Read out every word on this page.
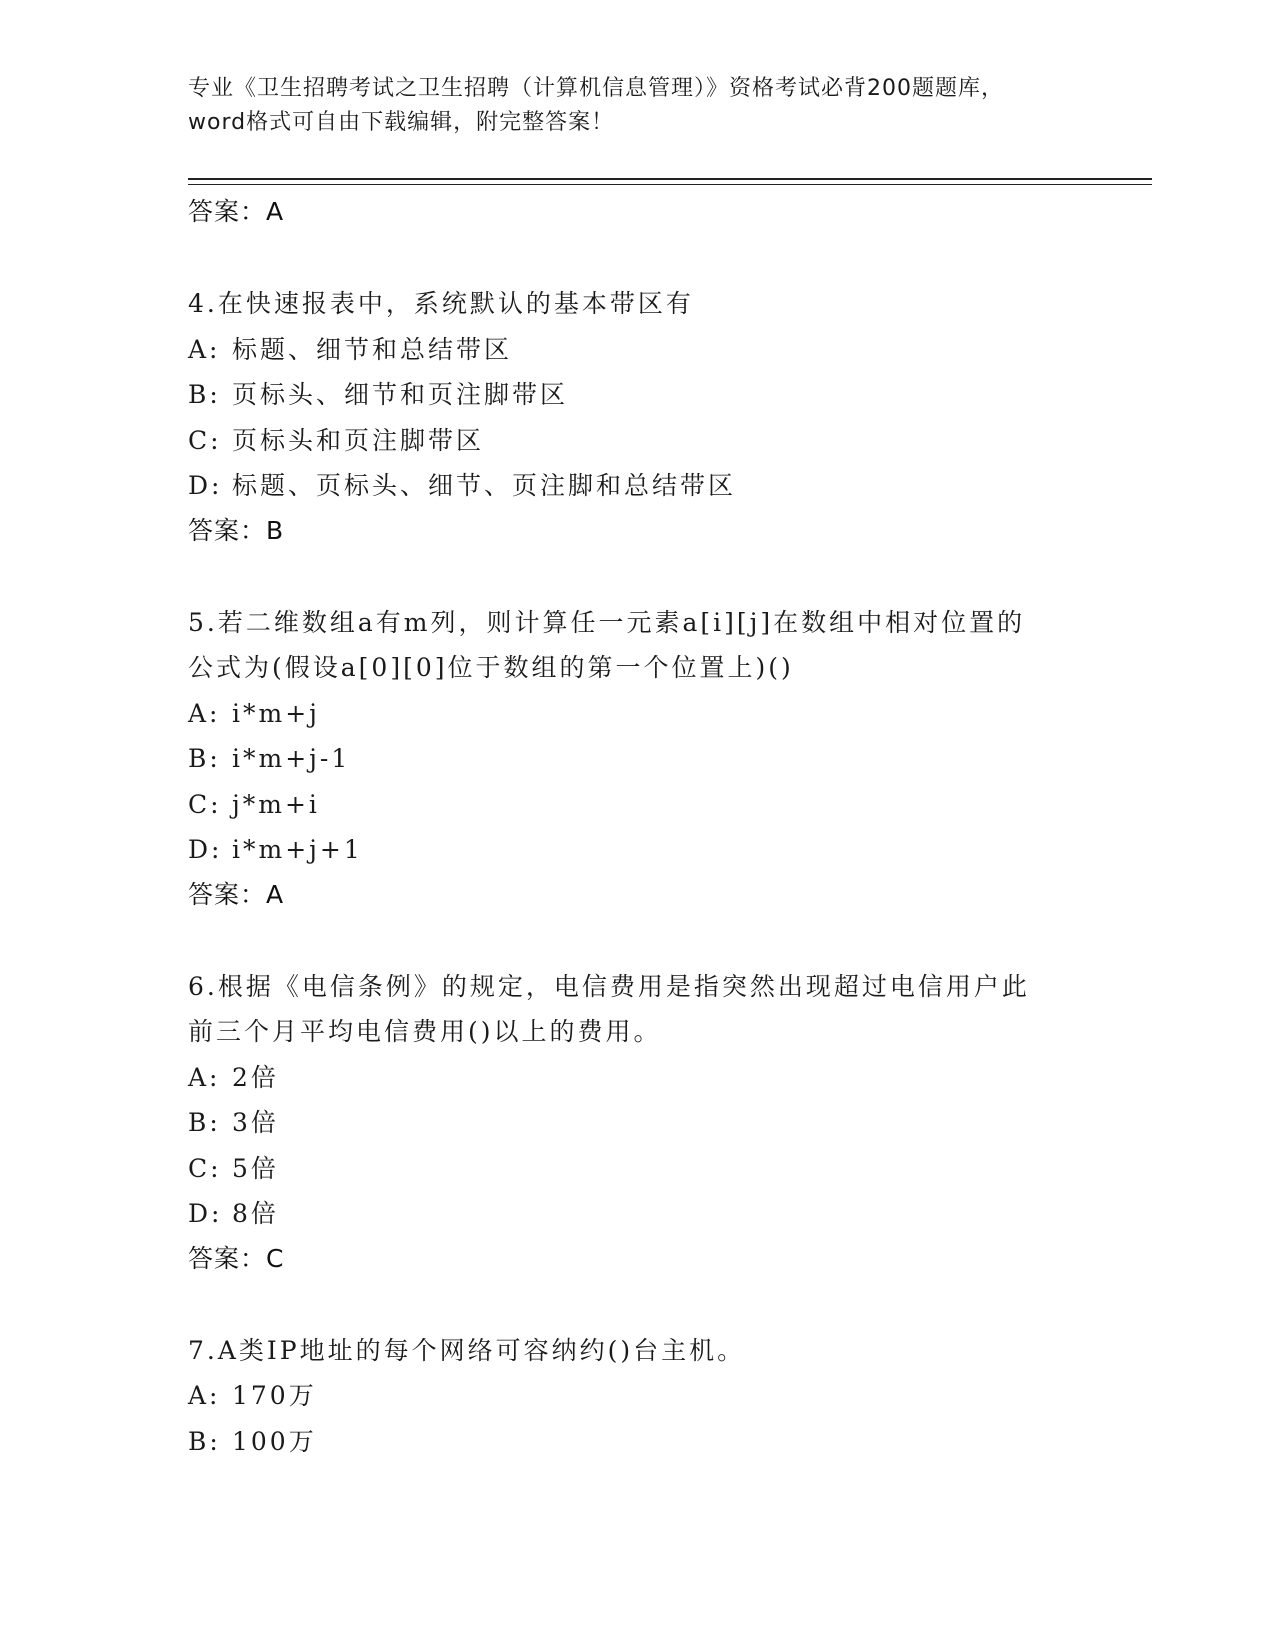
专业《卫生招聘考试之卫生招聘（计算机信息管理）》资格考试必背200题题库，
word格式可自由下载编辑，附完整答案！
答案：A
4.在快速报表中，系统默认的基本带区有
A: 标题、细节和总结带区
B: 页标头、细节和页注脚带区
C: 页标头和页注脚带区
D: 标题、页标头、细节、页注脚和总结带区
答案：B
5.若二维数组a有m列，则计算任一元素a[i][j]在数组中相对位置的
公式为(假设a[0][0]位于数组的第一个位置上)()
A: i*m+j
B: i*m+j-1
C: j*m+i
D: i*m+j+1
答案：A
6.根据《电信条例》的规定，电信费用是指突然出现超过电信用户此
前三个月平均电信费用()以上的费用。
A: 2倍
B: 3倍
C: 5倍
D: 8倍
答案：C
7.A类IP地址的每个网络可容纳约()台主机。
A: 170万
B: 100万
